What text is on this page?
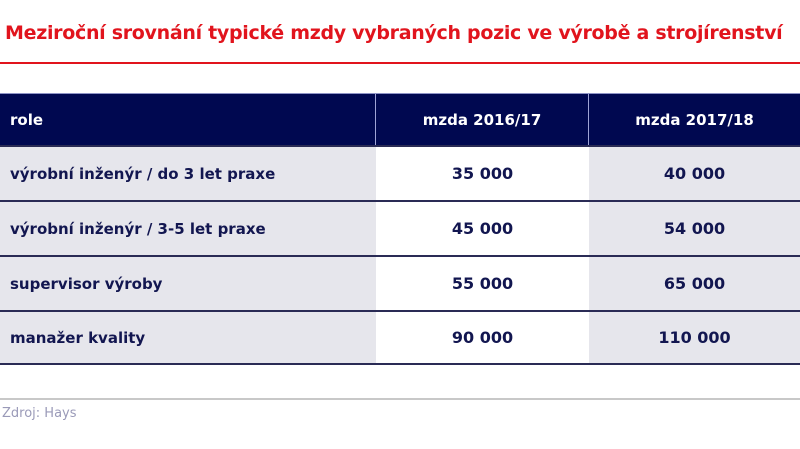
Meziroční srovnání typické mzdy vybraných pozic ve výrobě a strojírenství
role	mzda 2016/17	mzda 2017/18
výrobní inženýr / do 3 let praxe	35 000	40 000
výrobní inženýr / 3-5 let praxe	45 000	54 000
supervisor výroby	55 000	65 000
manažer kvality	90 000	110 000
Zdroj: Hays
